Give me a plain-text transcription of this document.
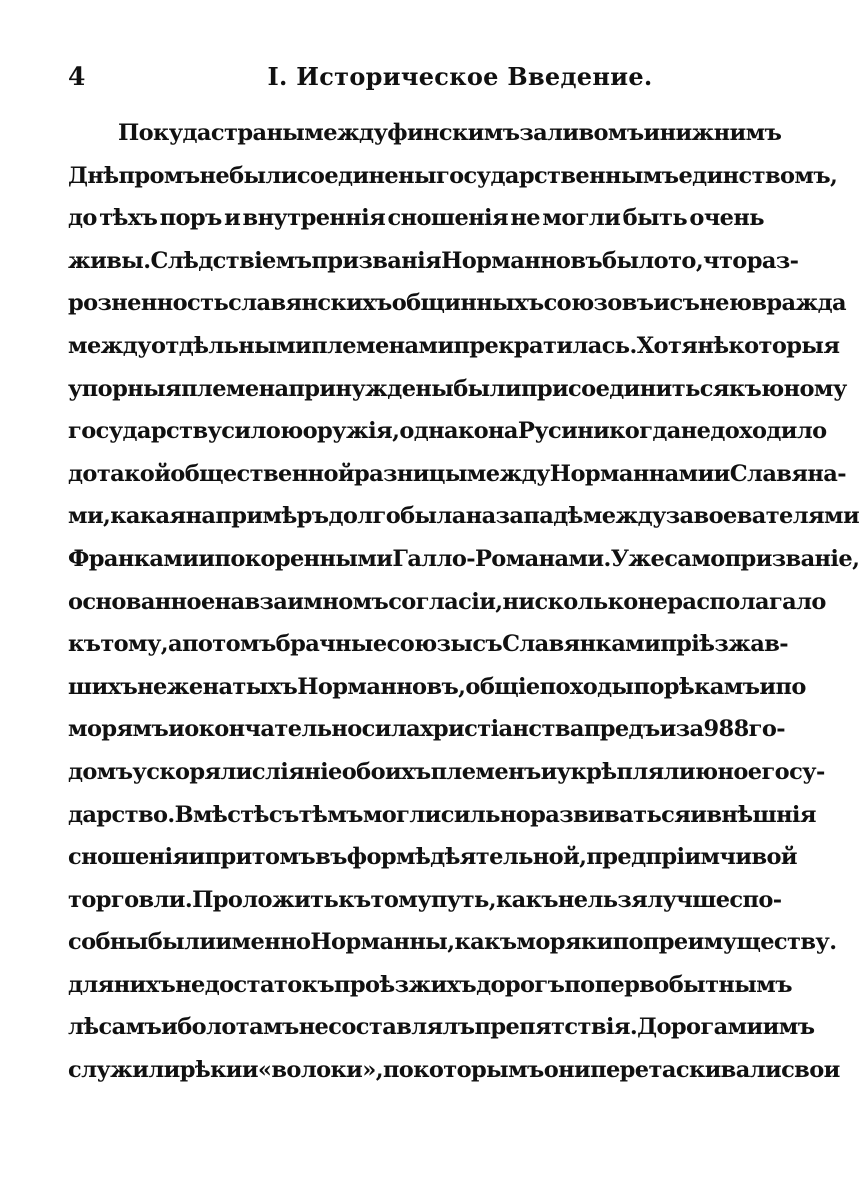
4	I. Историческое Введение.
Покуда страны между финскимъ заливомъ и нижнимъ
Днѣпромъ не были соединены государственнымъ единствомъ,
до тѣхъ поръ и внутреннія сношенія не могли быть очень
живы. Слѣдствіемъ призванія Норманновъ было то, что раз-
розненность славянскихъ общинныхъ союзовъ и съ нею вражда
между отдѣльными племенами прекратилась. Хотя нѣкоторыя
упорныя племена принуждены были присоединиться къ юному
государству силою оружія, однако на Руси никогда не доходило
до такой общественной разницы между Норманнами и Славяна-
ми, какая напримѣръ долго была на западѣ между завоевателями
Франками и покоренными Галло-Романами. Уже само призваніе,
основанное на взаимномъ согласіи, нисколько не располагало
къ тому, а потомъ брачные союзы съ Славянками пріѣзжав-
шихъ неженатыхъ Норманновъ, общіе походы по рѣкамъ и по
морямъ и окончательно сила христіанства предъ и за 988 го-
домъ ускоряли сліяніе обоихъ племенъ и укрѣпляли юное госу-
дарство. Вмѣстѣ съ тѣмъ могли сильно развиваться и внѣшнія
сношенія и притомъ въ формѣ дѣятельной, предпріимчивой
торговли. Проложить къ тому путь, какъ нельзя лучше спо-
собны были именно Норманны, какъ моряки по преимуществу.
для нихъ недостатокъ проѣзжихъ дорогъ по первобытнымъ
лѣсамъ и болотамъ не составлялъ препятствія. Дорогами имъ
служили рѣки и «волоки», по которымъ они перетаскивали свои
